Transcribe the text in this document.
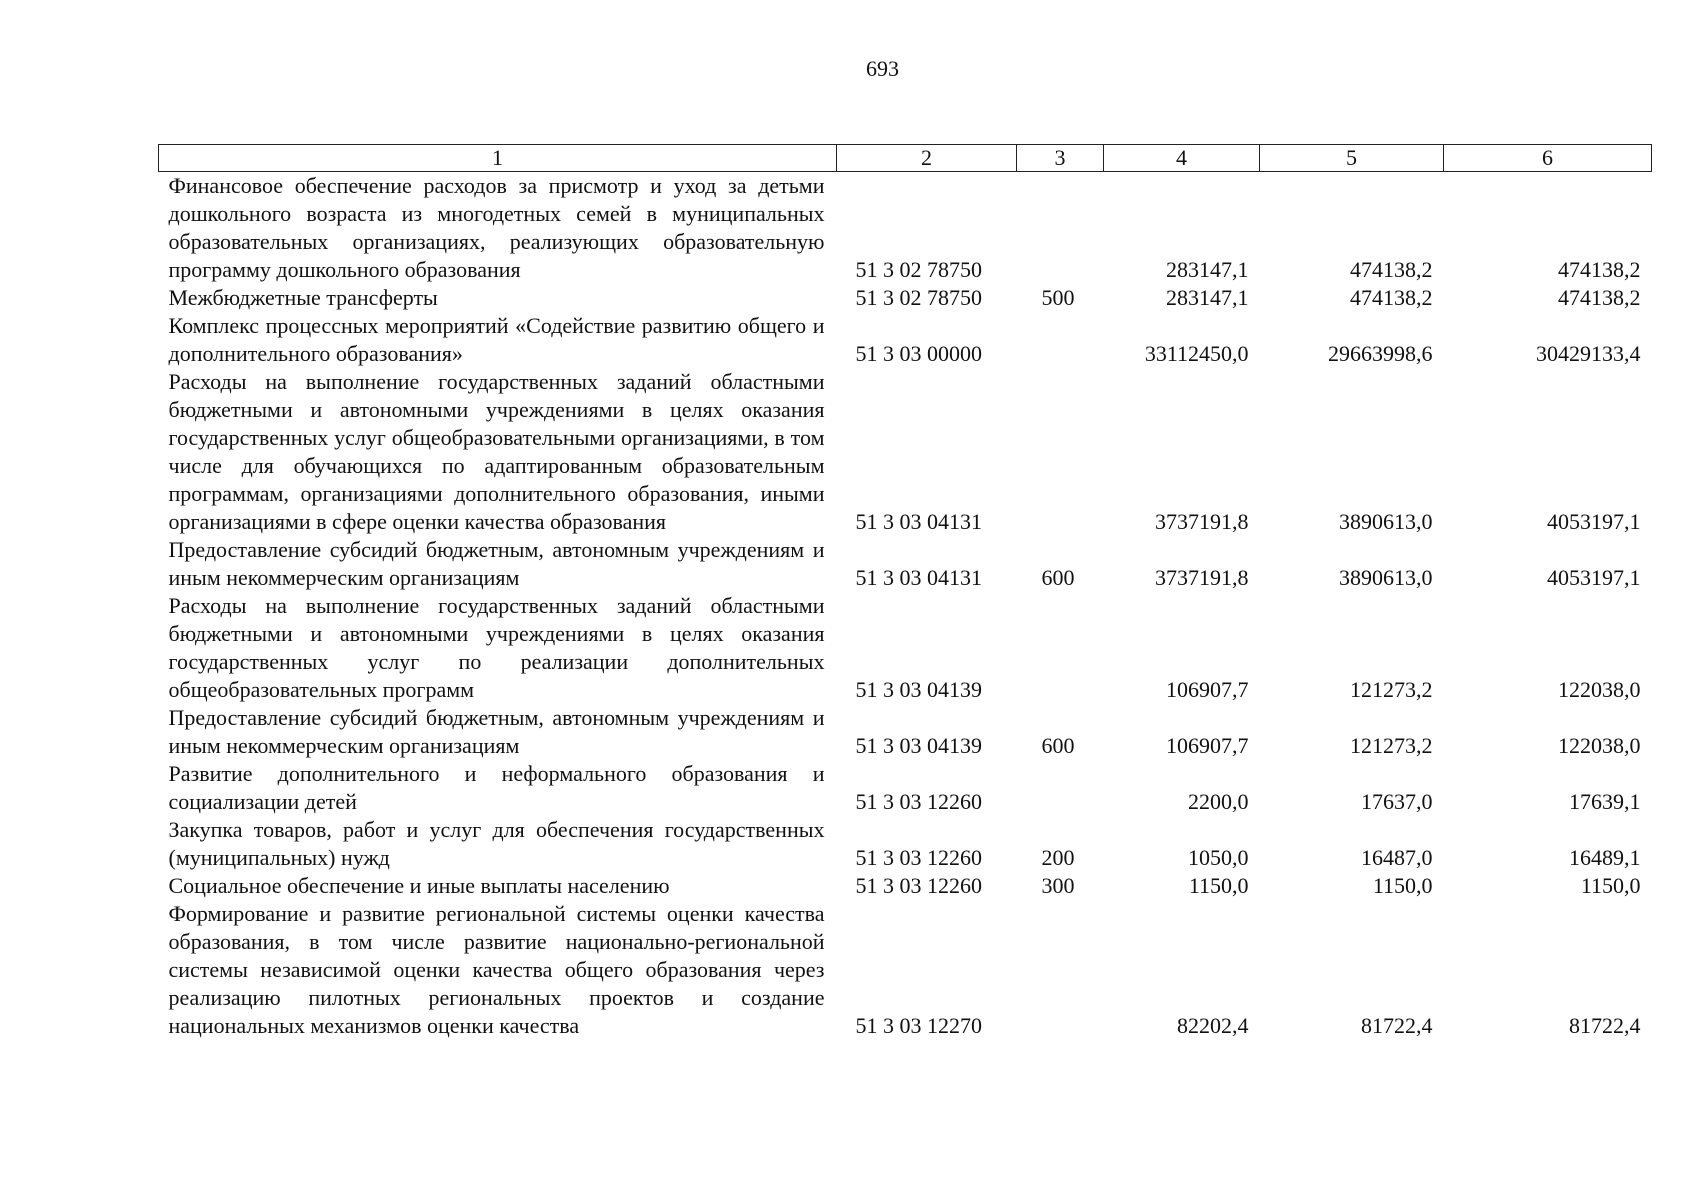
693
1	2	3	4	5	6
Финансовое обеспечение расходов за присмотр и уход за детьми дошкольного возраста из многодетных семей в муниципальных образовательных организациях, реализующих образовательную программу дошкольного образования	51 3 02 78750		283147,1	474138,2	474138,2
Межбюджетные трансферты	51 3 02 78750	500	283147,1	474138,2	474138,2
Комплекс процессных мероприятий «Содействие развитию общего и дополнительного образования»	51 3 03 00000		33112450,0	29663998,6	30429133,4
Расходы на выполнение государственных заданий областными бюджетными и автономными учреждениями в целях оказания государственных услуг общеобразовательными организациями, в том числе для обучающихся по адаптированным образовательным программам, организациями дополнительного образования, иными организациями в сфере оценки качества образования	51 3 03 04131		3737191,8	3890613,0	4053197,1
Предоставление субсидий бюджетным, автономным учреждениям и иным некоммерческим организациям	51 3 03 04131	600	3737191,8	3890613,0	4053197,1
Расходы на выполнение государственных заданий областными бюджетными и автономными учреждениями в целях оказания государственных услуг по реализации дополнительных общеобразовательных программ	51 3 03 04139		106907,7	121273,2	122038,0
Предоставление субсидий бюджетным, автономным учреждениям и иным некоммерческим организациям	51 3 03 04139	600	106907,7	121273,2	122038,0
Развитие дополнительного и неформального образования и социализации детей	51 3 03 12260		2200,0	17637,0	17639,1
Закупка товаров, работ и услуг для обеспечения государственных (муниципальных) нужд	51 3 03 12260	200	1050,0	16487,0	16489,1
Социальное обеспечение и иные выплаты населению	51 3 03 12260	300	1150,0	1150,0	1150,0
Формирование и развитие региональной системы оценки качества образования, в том числе развитие национально-региональной системы независимой оценки качества общего образования через реализацию пилотных региональных проектов и создание национальных механизмов оценки качества	51 3 03 12270		82202,4	81722,4	81722,4
